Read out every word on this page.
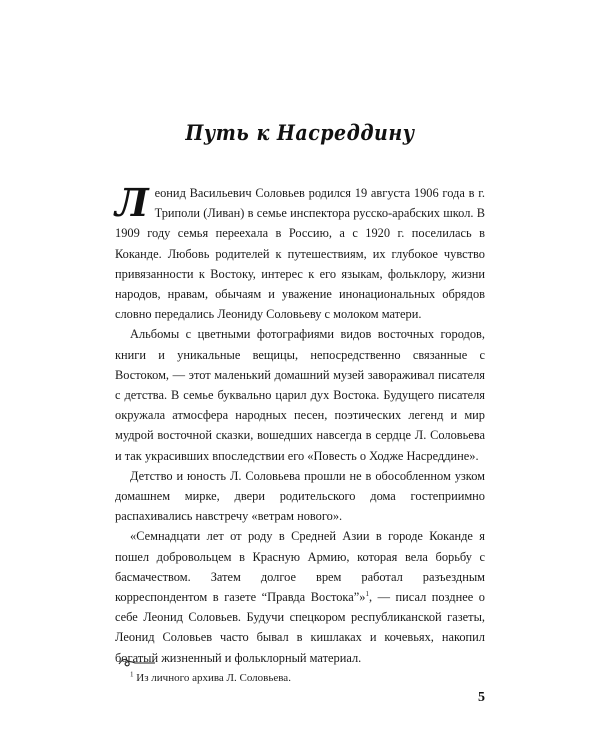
Путь к Насреддину

Леонид Васильевич Соловьев родился 19 августа 1906 года в г. Триполи (Ливан) в семье инспектора русско-арабских школ. В 1909 году семья переехала в Россию, а с 1920 г. поселилась в Коканде. Любовь родителей к путешествиям, их глубокое чувство привязанности к Востоку, интерес к его языкам, фольклору, жизни народов, нравам, обычаям и уважение инонациональных обрядов словно передались Леониду Соловьеву с молоком матери.

Альбомы с цветными фотографиями видов восточных городов, книги и уникальные вещицы, непосредственно связанные с Востоком, — этот маленький домашний музей завораживал писателя с детства. В семье буквально царил дух Востока. Будущего писателя окружала атмосфера народных песен, поэтических легенд и мир мудрой восточной сказки, вошедших навсегда в сердце Л. Соловьева и так украсивших впоследствии его «Повесть о Ходже Насреддине».

Детство и юность Л. Соловьева прошли не в обособленном узком домашнем мирке, двери родительского дома гостеприимно распахивались навстречу «ветрам нового».

«Семнадцати лет от роду в Средней Азии в городе Коканде я пошел добровольцем в Красную Армию, которая вела борьбу с басмачеством. Затем долгое врем работал разъездным корреспондентом в газете “Правда Востока”»$^1$, — писал позднее о себе Леонид Соловьев. Будучи спецкором республиканской газеты, Леонид Соловьев часто бывал в кишлаках и кочевьях, накопил богатый жизненный и фольклорный материал.

$^1$ Из личного архива Л. Соловьева.
5
